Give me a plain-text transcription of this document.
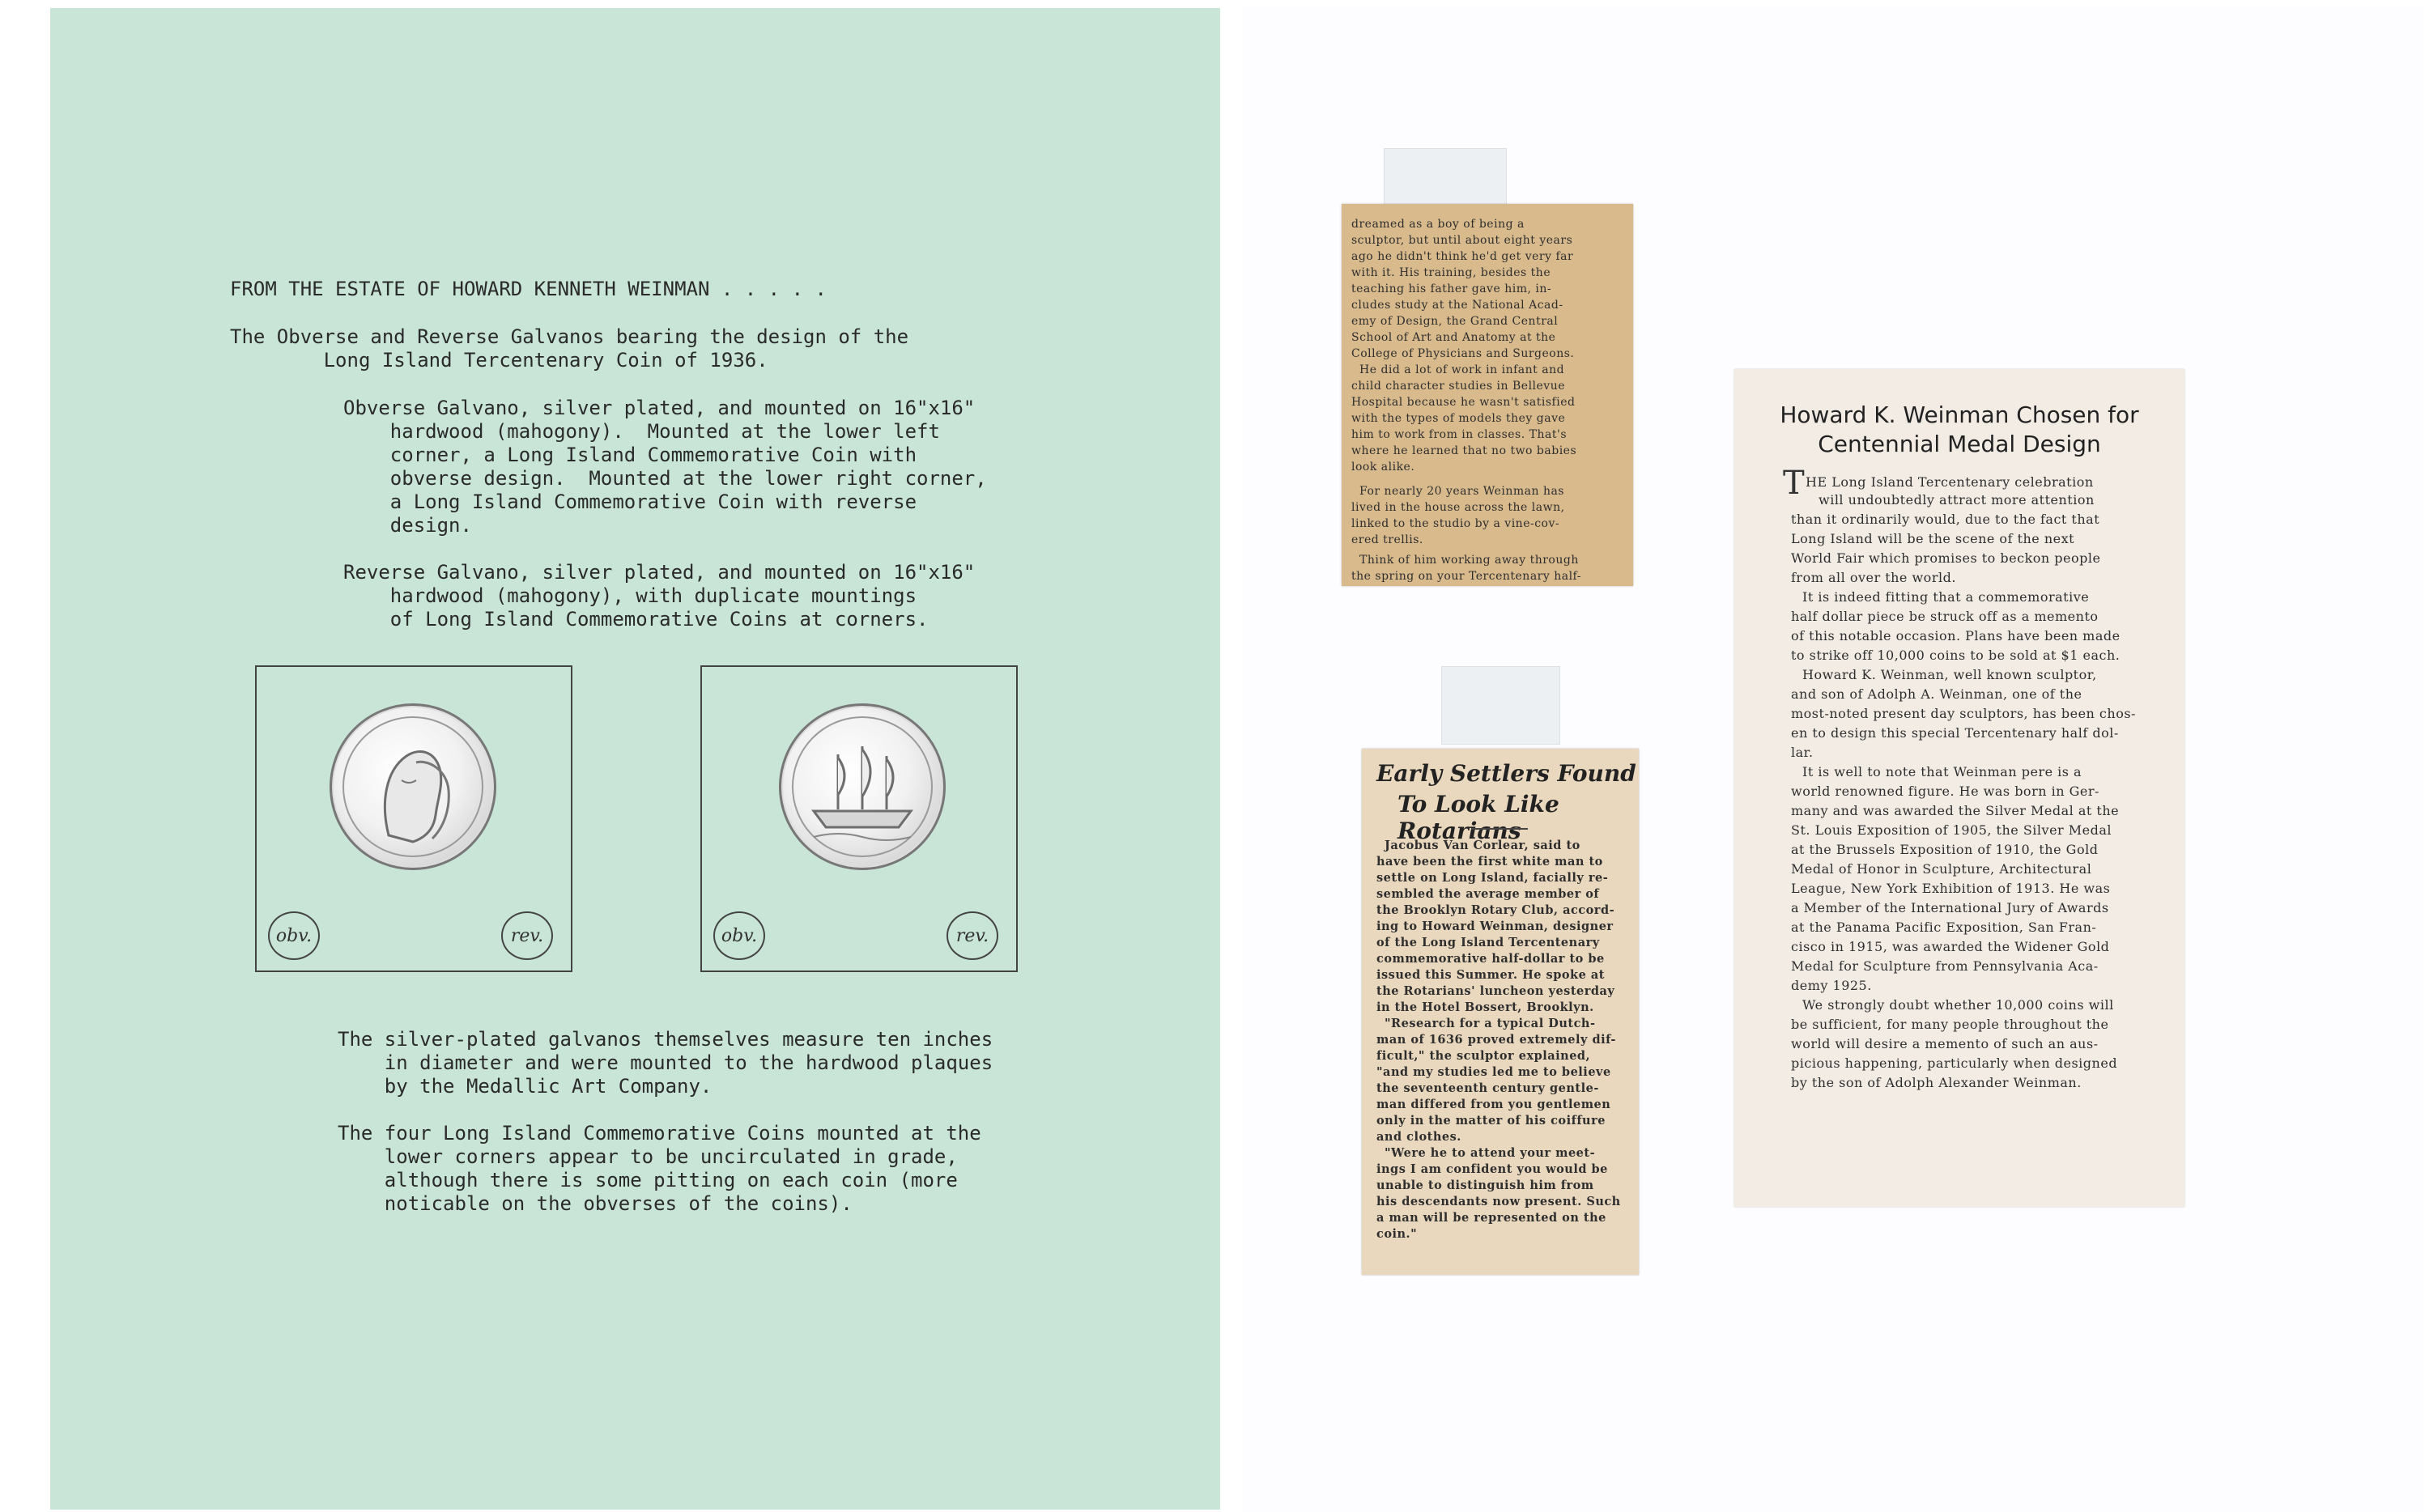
FROM THE ESTATE OF HOWARD KENNETH WEINMAN . . . . .
The Obverse and Reverse Galvanos bearing the design of the
Long Island Tercentenary Coin of 1936.
Obverse Galvano, silver plated, and mounted on 16"x16"
hardwood (mahogony).  Mounted at the lower left
corner, a Long Island Commemorative Coin with
obverse design.  Mounted at the lower right corner,
a Long Island Commemorative Coin with reverse
design.
Reverse Galvano, silver plated, and mounted on 16"x16"
hardwood (mahogony), with duplicate mountings
of Long Island Commemorative Coins at corners.
obv.	rev.	obv.	rev.
The silver-plated galvanos themselves measure ten inches
in diameter and were mounted to the hardwood plaques
by the Medallic Art Company.
The four Long Island Commemorative Coins mounted at the
lower corners appear to be uncirculated in grade,
although there is some pitting on each coin (more
noticable on the obverses of the coins).
dreamed as a boy of being a
sculptor, but until about eight years
ago he didn't think he'd get very far
with it. His training, besides the
teaching his father gave him, in-
cludes study at the National Acad-
emy of Design, the Grand Central
School of Art and Anatomy at the
College of Physicians and Surgeons.
He did a lot of work in infant and
child character studies in Bellevue
Hospital because he wasn't satisfied
with the types of models they gave
him to work from in classes. That's
where he learned that no two babies
look alike.
For nearly 20 years Weinman has
lived in the house across the lawn,
linked to the studio by a vine-cov-
ered trellis.
Think of him working away through
the spring on your Tercentenary half-
Early Settlers Found
To Look Like Rotarians
Jacobus Van Corlear, said to
have been the first white man to
settle on Long Island, facially re-
sembled the average member of
the Brooklyn Rotary Club, accord-
ing to Howard Weinman, designer
of the Long Island Tercentenary
commemorative half-dollar to be
issued this Summer. He spoke at
the Rotarians' luncheon yesterday
in the Hotel Bossert, Brooklyn.
"Research for a typical Dutch-
man of 1636 proved extremely dif-
ficult," the sculptor explained,
"and my studies led me to believe
the seventeenth century gentle-
man differed from you gentlemen
only in the matter of his coiffure
and clothes.
"Were he to attend your meet-
ings I am confident you would be
unable to distinguish him from
his descendants now present. Such
a man will be represented on the
coin."
Howard K. Weinman Chosen for
Centennial Medal Design
T HE Long Island Tercentenary celebration
will undoubtedly attract more attention
than it ordinarily would, due to the fact that
Long Island will be the scene of the next
World Fair which promises to beckon people
from all over the world.
It is indeed fitting that a commemorative
half dollar piece be struck off as a memento
of this notable occasion. Plans have been made
to strike off 10,000 coins to be sold at $1 each.
Howard K. Weinman, well known sculptor,
and son of Adolph A. Weinman, one of the
most-noted present day sculptors, has been chos-
en to design this special Tercentenary half dol-
lar.
It is well to note that Weinman pere is a
world renowned figure. He was born in Ger-
many and was awarded the Silver Medal at the
St. Louis Exposition of 1905, the Silver Medal
at the Brussels Exposition of 1910, the Gold
Medal of Honor in Sculpture, Architectural
League, New York Exhibition of 1913. He was
a Member of the International Jury of Awards
at the Panama Pacific Exposition, San Fran-
cisco in 1915, was awarded the Widener Gold
Medal for Sculpture from Pennsylvania Aca-
demy 1925.
We strongly doubt whether 10,000 coins will
be sufficient, for many people throughout the
world will desire a memento of such an aus-
picious happening, particularly when designed
by the son of Adolph Alexander Weinman.
